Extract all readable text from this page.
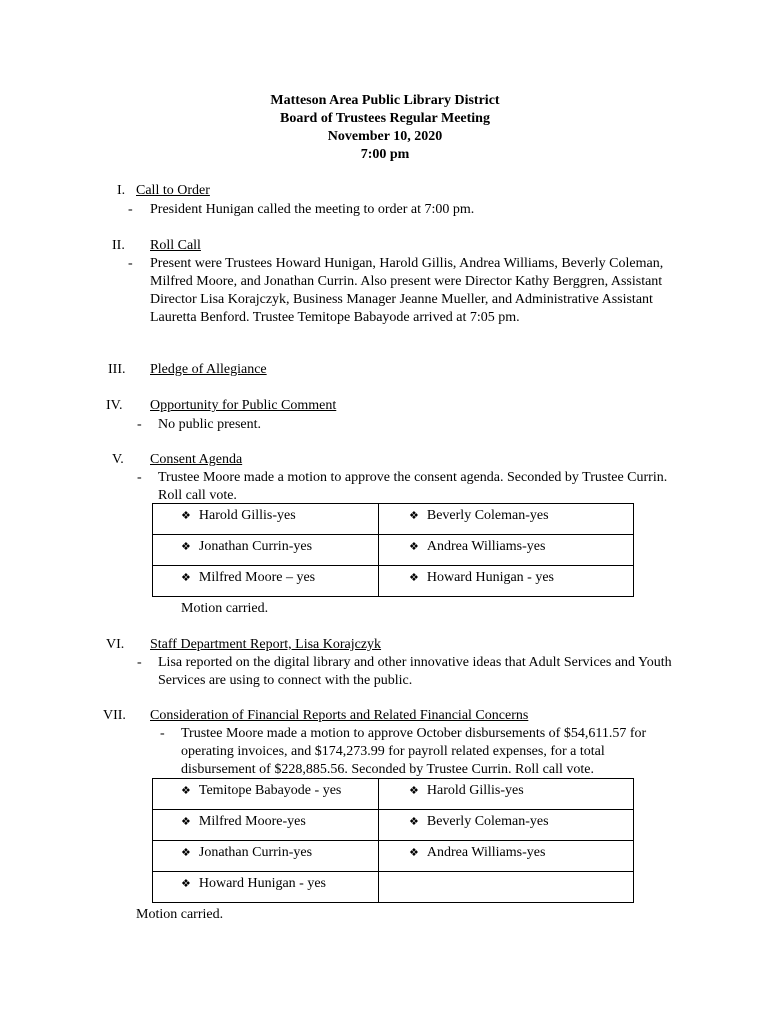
Matteson Area Public Library District
Board of Trustees Regular Meeting
November 10, 2020
7:00 pm
I. Call to Order
- President Hunigan called the meeting to order at 7:00 pm.
II. Roll Call
- Present were Trustees Howard Hunigan, Harold Gillis, Andrea Williams, Beverly Coleman, Milfred Moore, and Jonathan Currin. Also present were Director Kathy Berggren, Assistant Director Lisa Korajczyk, Business Manager Jeanne Mueller, and Administrative Assistant Lauretta Benford. Trustee Temitope Babayode arrived at 7:05 pm.
III. Pledge of Allegiance
IV. Opportunity for Public Comment
- No public present.
V. Consent Agenda
- Trustee Moore made a motion to approve the consent agenda. Seconded by Trustee Currin. Roll call vote.
❖ Harold Gillis-yes	❖ Beverly Coleman-yes
❖ Jonathan Currin-yes	❖ Andrea Williams-yes
❖ Milfred Moore – yes	❖ Howard Hunigan - yes
Motion carried.
VI. Staff Department Report, Lisa Korajczyk
- Lisa reported on the digital library and other innovative ideas that Adult Services and Youth Services are using to connect with the public.
VII. Consideration of Financial Reports and Related Financial Concerns
- Trustee Moore made a motion to approve October disbursements of $54,611.57 for operating invoices, and $174,273.99 for payroll related expenses, for a total disbursement of $228,885.56. Seconded by Trustee Currin. Roll call vote.
❖ Temitope Babayode - yes	❖ Harold Gillis-yes
❖ Milfred Moore-yes	❖ Beverly Coleman-yes
❖ Jonathan Currin-yes	❖ Andrea Williams-yes
❖ Howard Hunigan - yes	
Motion carried.
